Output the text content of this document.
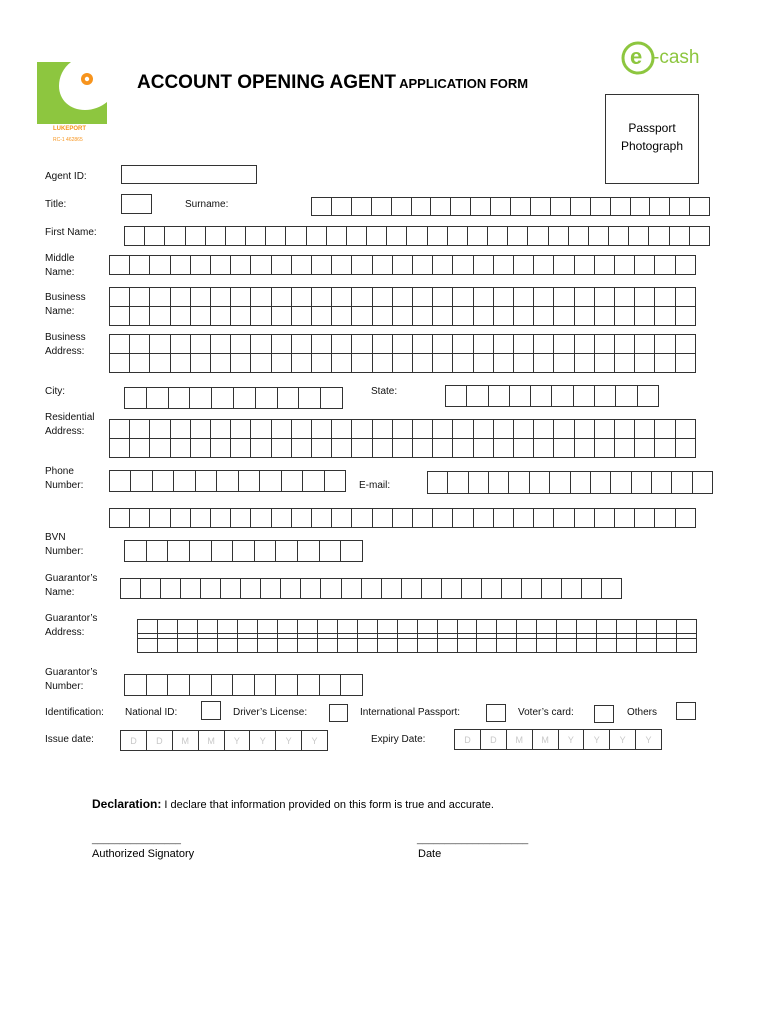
LUKEPORT
RC-1 462865
ACCOUNT OPENING AGENT APPLICATION FORM
e -cash
Passport
Photograph
Agent ID:
Title:	Surname:
First Name:
Middle
Name:
Business
Name:
Business
Address:
City:	State:
Residential
Address:
Phone
Number:	E-mail:
BVN
Number:
Guarantor’s
Name:
Guarantor’s
Address:
Guarantor’s
Number:
Identification: National ID:	Driver’s License:	International Passport:	Voter’s card:	Others
Issue date:	D	D	M	M	Y	Y	Y	Y	Expiry Date:	D	D	M	M	Y	Y	Y	Y
Declaration: I declare that information provided on this form is true and accurate.
________________
Authorized Signatory
____________________
Date
